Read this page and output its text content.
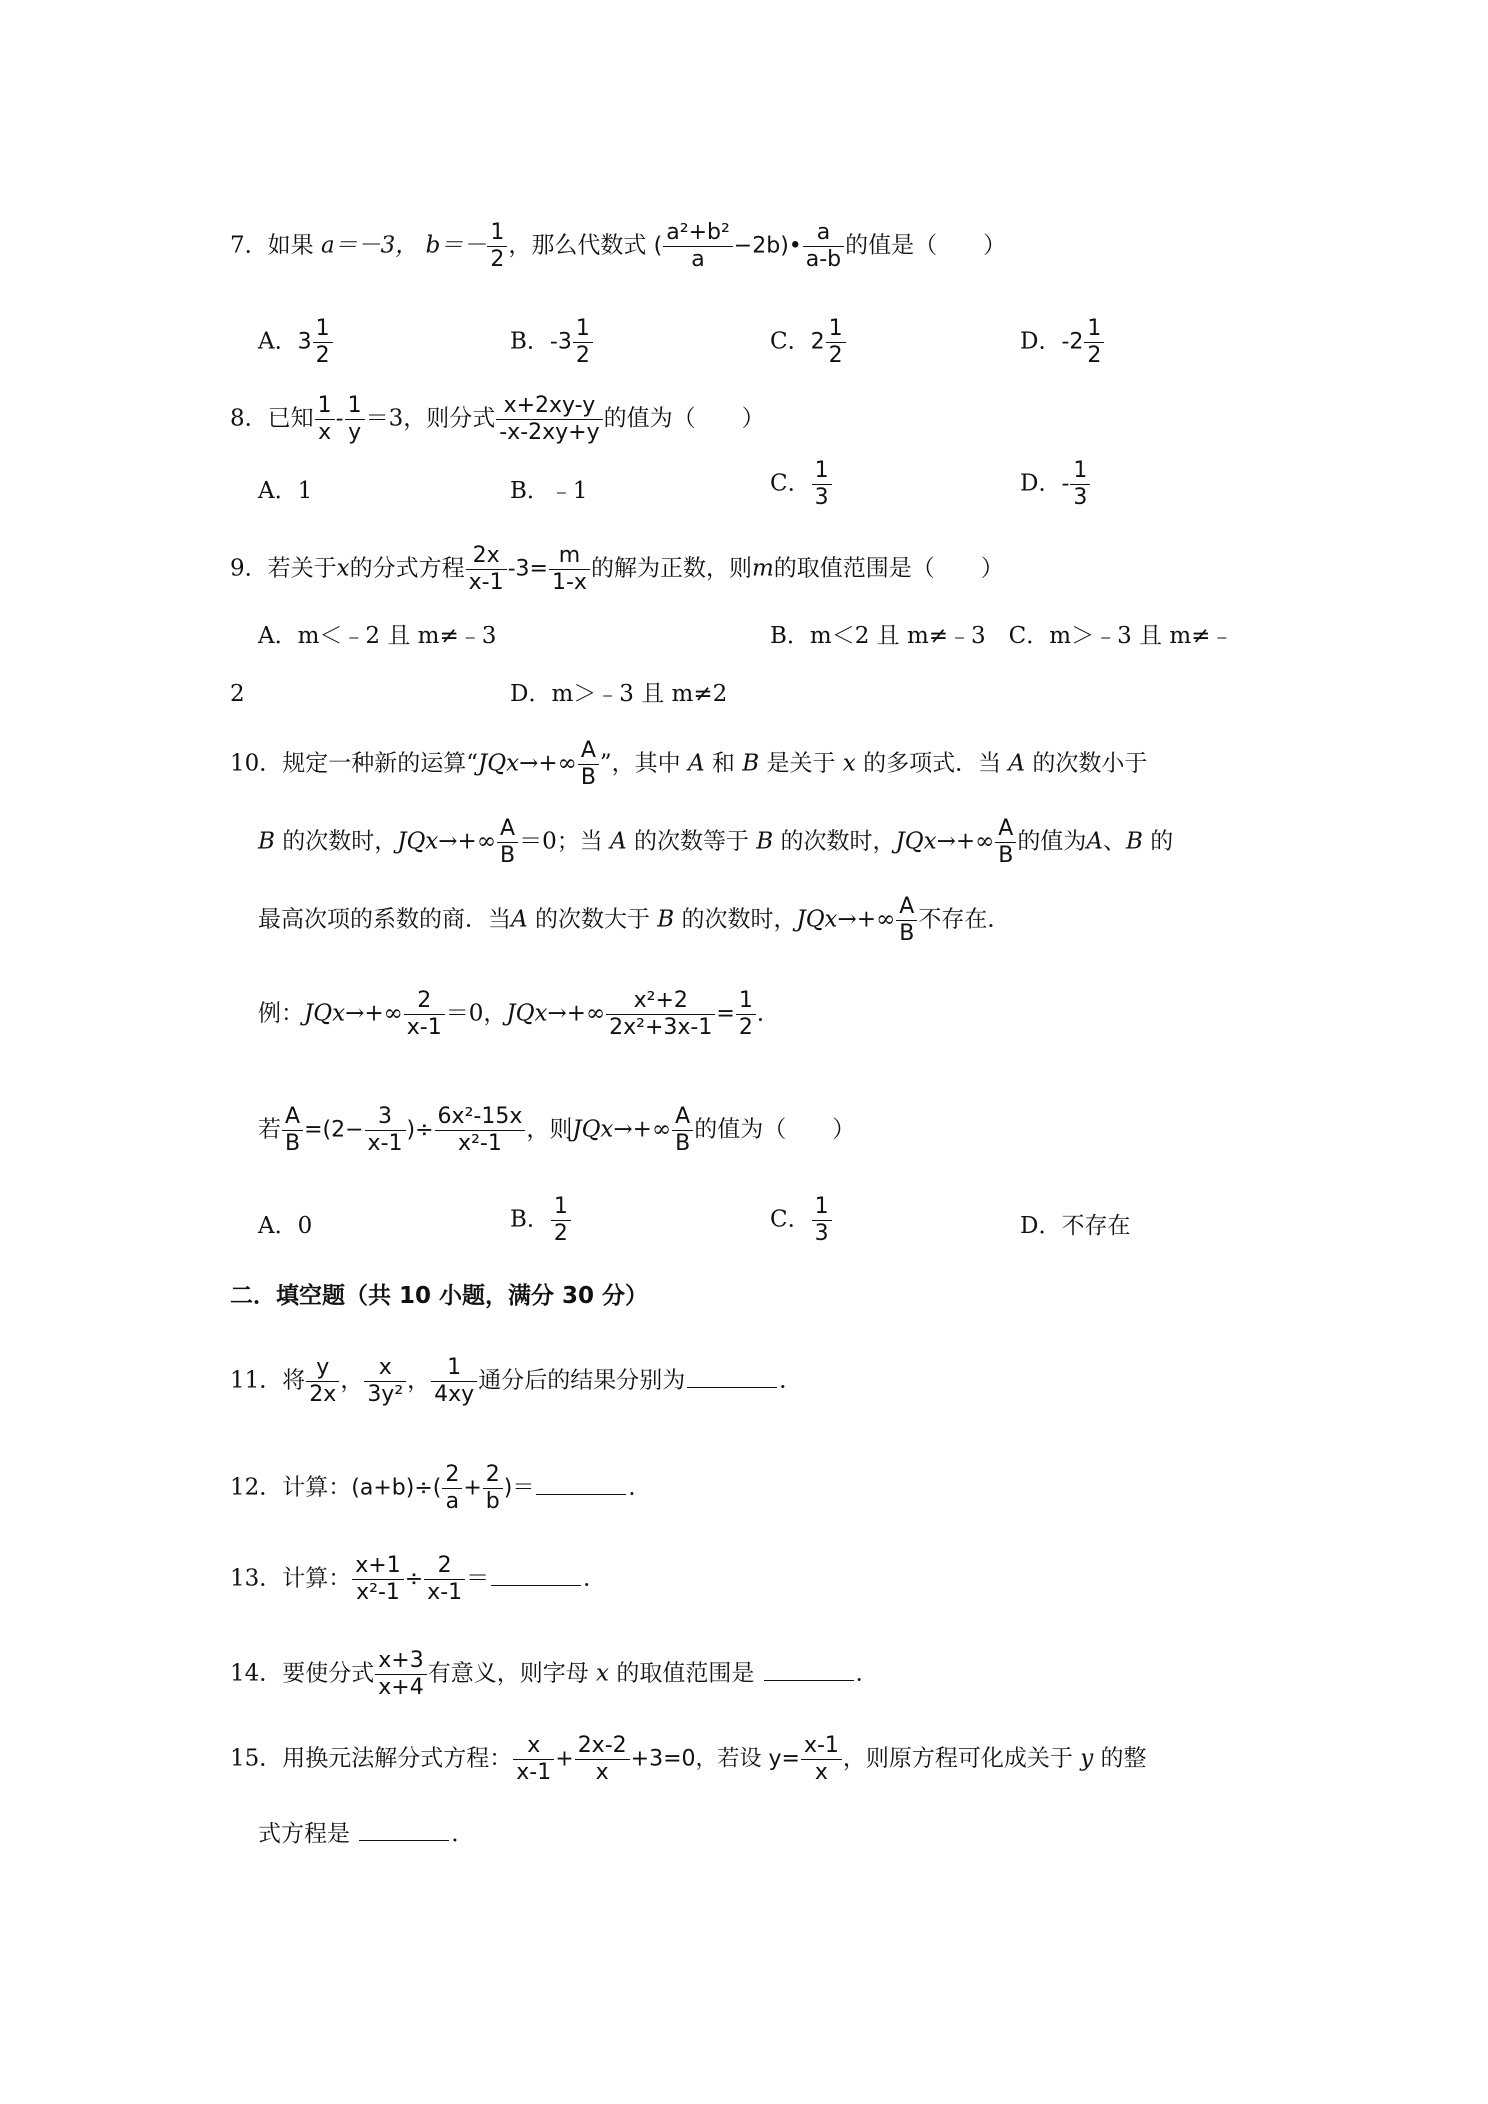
7．如果 a＝－3， $b=- \frac{1}{2}$ ，那么代数式 ( $\frac{\text{a²+b²}}{a}$ −2b)• $\frac{a}{a-b}$ 的值是（　　）
A．$3 \frac{1}{2}$	B．$-3 \frac{1}{2}$	C．$2 \frac{1}{2}$	D．$-2 \frac{1}{2}$
8．已知 $\frac{1}{x} - \frac{1}{y} =3$，则分式 $\frac{x+2xy-y}{-x-2xy+y}$ 的值为（　　）
A．1	B．﹣1	C． $\frac{1}{3}$	D．- $\frac{1}{3}$
9．若关于x的分式方程 $\frac{2x}{x-1} -3= \frac{m}{1-x}$ 的解为正数，则m的取值范围是（　　）
A．m＜﹣2 且 m≠﹣3	B．m＜2 且 m≠﹣3　C．m＞﹣3 且 m≠﹣
2	D．m＞﹣3 且 m≠2
10．规定一种新的运算“$JQx\to+\infty \frac{A}{B}$ ”，其中 A 和 B 是关于 x 的多项式．当 A 的次数小于
B 的次数时，$JQx\to+\infty \frac{A}{B} =0$；当 A 的次数等于 B 的次数时，$JQx\to+\infty \frac{A}{B}$ 的值为A、B 的
最高次项的系数的商．当A 的次数大于 B 的次数时，$JQx\to+\infty \frac{A}{B}$ 不存在．
例：$JQx\to+\infty \frac{2}{x-1} =0$，$JQx\to+\infty \frac{\text{x²+2}}{\text{2x²+3x-1}} = \frac{1}{2}$ ．
若 $\frac{A}{B} =(2- \frac{3}{x-1}$ )÷ $\frac{\text{6x²-15x}}{\text{x²-1}}$ ，则$JQx\to+\infty \frac{A}{B}$ 的值为（　　）
A．0	B． $\frac{1}{2}$	C． $\frac{1}{3}$	D．不存在
二．填空题（共 10 小题，满分 30 分）
11．将 $\frac{y}{2x}$ ， $\frac{x}{\text{3y²}}$ ， $\frac{1}{4xy}$ 通分后的结果分别为	．
12．计算：$(a+b)\div( \frac{2}{a} + \frac{2}{b}$ )＝	．
13．计算： $\frac{x+1}{\text{x²-1}} \div \frac{2}{x-1}$ ＝	．
14．要使分式 $\frac{x+3}{x+4}$ 有意义，则字母 x 的取值范围是	．
15．用换元法解分式方程： $\frac{x}{x-1} + \frac{2x-2}{x} +3=0$，若设 $y= \frac{x-1}{x}$ ，则原方程可化成关于 y 的整
式方程是	．
